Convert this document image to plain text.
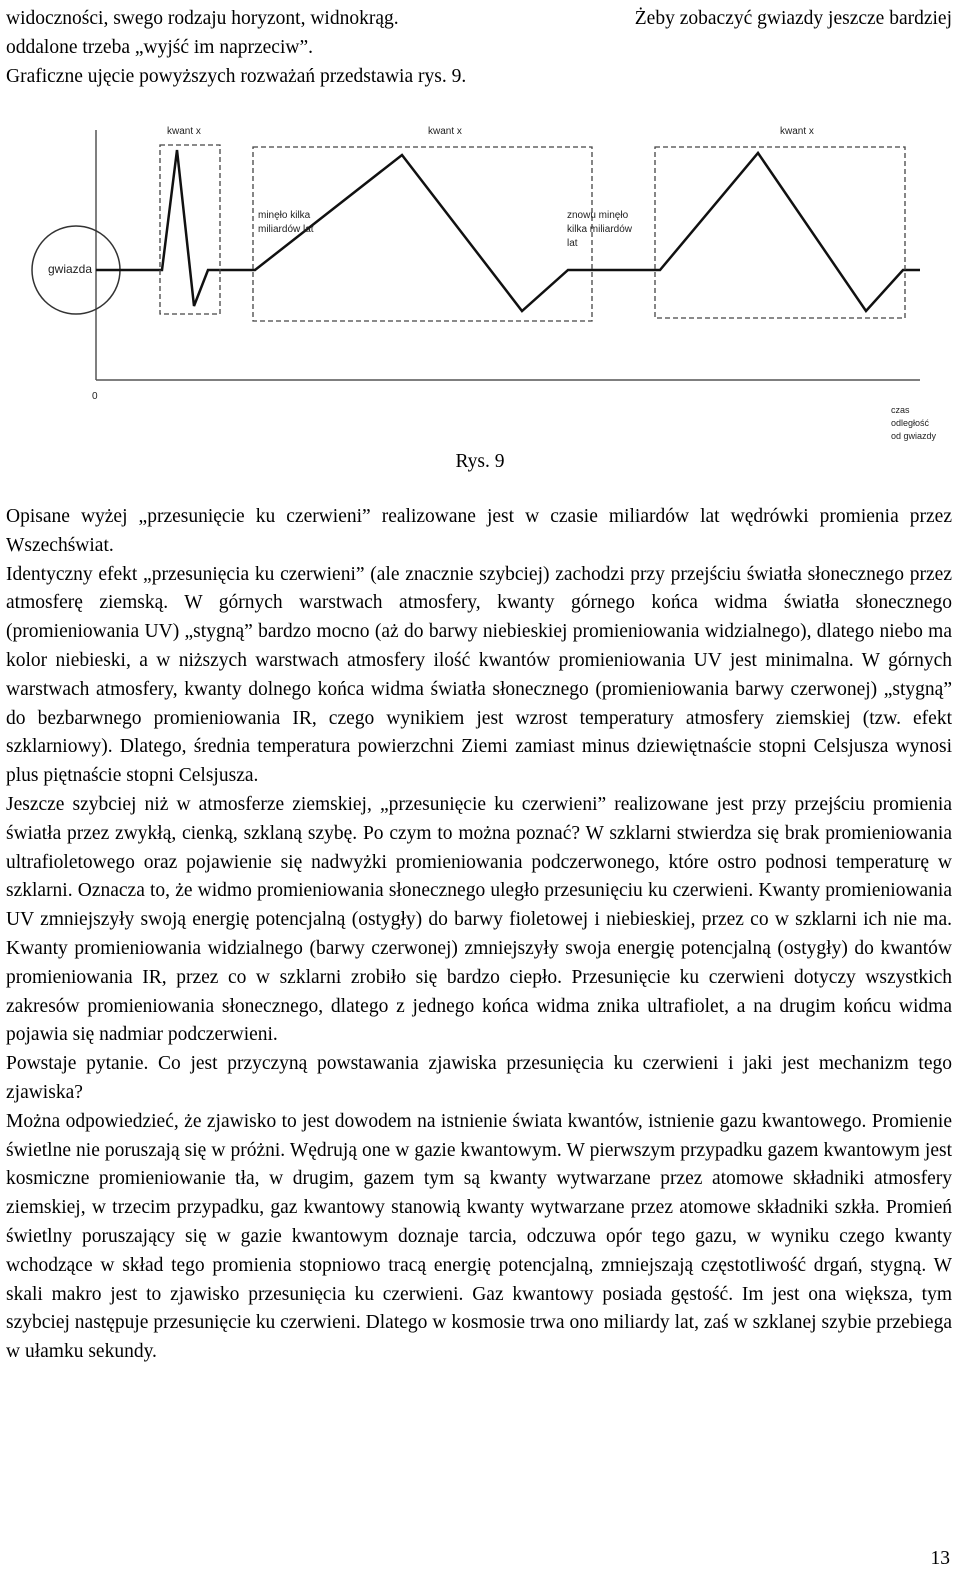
widoczności, swego rodzaju horyzont, widnokrąg.	Żeby zobaczyć gwiazdy jeszcze bardziej
oddalone trzeba „wyjść im naprzeciw”.
Graficzne ujęcie powyższych rozważań przedstawia rys. 9.
kwant x	kwant x	kwant x
minęło kilka
miliardów lat
znowu minęło
kilka miliardów
lat
gwiazda
0
czas
odległość
od gwiazdy
Rys. 9

Opisane wyżej „przesunięcie ku czerwieni” realizowane jest w czasie miliardów lat wędrówki promienia przez Wszechświat.

Identyczny efekt „przesunięcia ku czerwieni” (ale znacznie szybciej) zachodzi przy przejściu światła słonecznego przez atmosferę ziemską. W górnych warstwach atmosfery, kwanty górnego końca widma światła słonecznego (promieniowania UV) „stygną” bardzo mocno (aż do barwy niebieskiej promieniowania widzialnego), dlatego niebo ma kolor niebieski, a w niższych warstwach atmosfery ilość kwantów promieniowania UV jest minimalna. W górnych warstwach atmosfery, kwanty dolnego końca widma światła słonecznego (promieniowania barwy czerwonej) „stygną” do bezbarwnego promieniowania IR, czego wynikiem jest wzrost temperatury atmosfery ziemskiej (tzw. efekt szklarniowy). Dlatego, średnia temperatura powierzchni Ziemi zamiast minus dziewiętnaście stopni Celsjusza wynosi plus piętnaście stopni Celsjusza.

Jeszcze szybciej niż w atmosferze ziemskiej, „przesunięcie ku czerwieni” realizowane jest przy przejściu promienia światła przez zwykłą, cienką, szklaną szybę. Po czym to można poznać? W szklarni stwierdza się brak promieniowania ultrafioletowego oraz pojawienie się nadwyżki promieniowania podczerwonego, które ostro podnosi temperaturę w szklarni. Oznacza to, że widmo promieniowania słonecznego uległo przesunięciu ku czerwieni. Kwanty promieniowania UV zmniejszyły swoją energię potencjalną (ostygły) do barwy fioletowej i niebieskiej, przez co w szklarni ich nie ma. Kwanty promieniowania widzialnego (barwy czerwonej) zmniejszyły swoja energię potencjalną (ostygły) do kwantów promieniowania IR, przez co w szklarni zrobiło się bardzo ciepło. Przesunięcie ku czerwieni dotyczy wszystkich zakresów promieniowania słonecznego, dlatego z jednego końca widma znika ultrafiolet, a na drugim końcu widma pojawia się nadmiar podczerwieni.

Powstaje pytanie. Co jest przyczyną powstawania zjawiska przesunięcia ku czerwieni i jaki jest mechanizm tego zjawiska?

Można odpowiedzieć, że zjawisko to jest dowodem na istnienie świata kwantów, istnienie gazu kwantowego. Promienie świetlne nie poruszają się w próżni. Wędrują one w gazie kwantowym. W pierwszym przypadku gazem kwantowym jest kosmiczne promieniowanie tła, w drugim, gazem tym są kwanty wytwarzane przez atomowe składniki atmosfery ziemskiej, w trzecim przypadku, gaz kwantowy stanowią kwanty wytwarzane przez atomowe składniki szkła. Promień świetlny poruszający się w gazie kwantowym doznaje tarcia, odczuwa opór tego gazu, w wyniku czego kwanty wchodzące w skład tego promienia stopniowo tracą energię potencjalną, zmniejszają częstotliwość drgań, stygną. W skali makro jest to zjawisko przesunięcia ku czerwieni. Gaz kwantowy posiada gęstość. Im jest ona większa, tym szybciej następuje przesunięcie ku czerwieni. Dlatego w kosmosie trwa ono miliardy lat, zaś w szklanej szybie przebiega w ułamku sekundy.

13
